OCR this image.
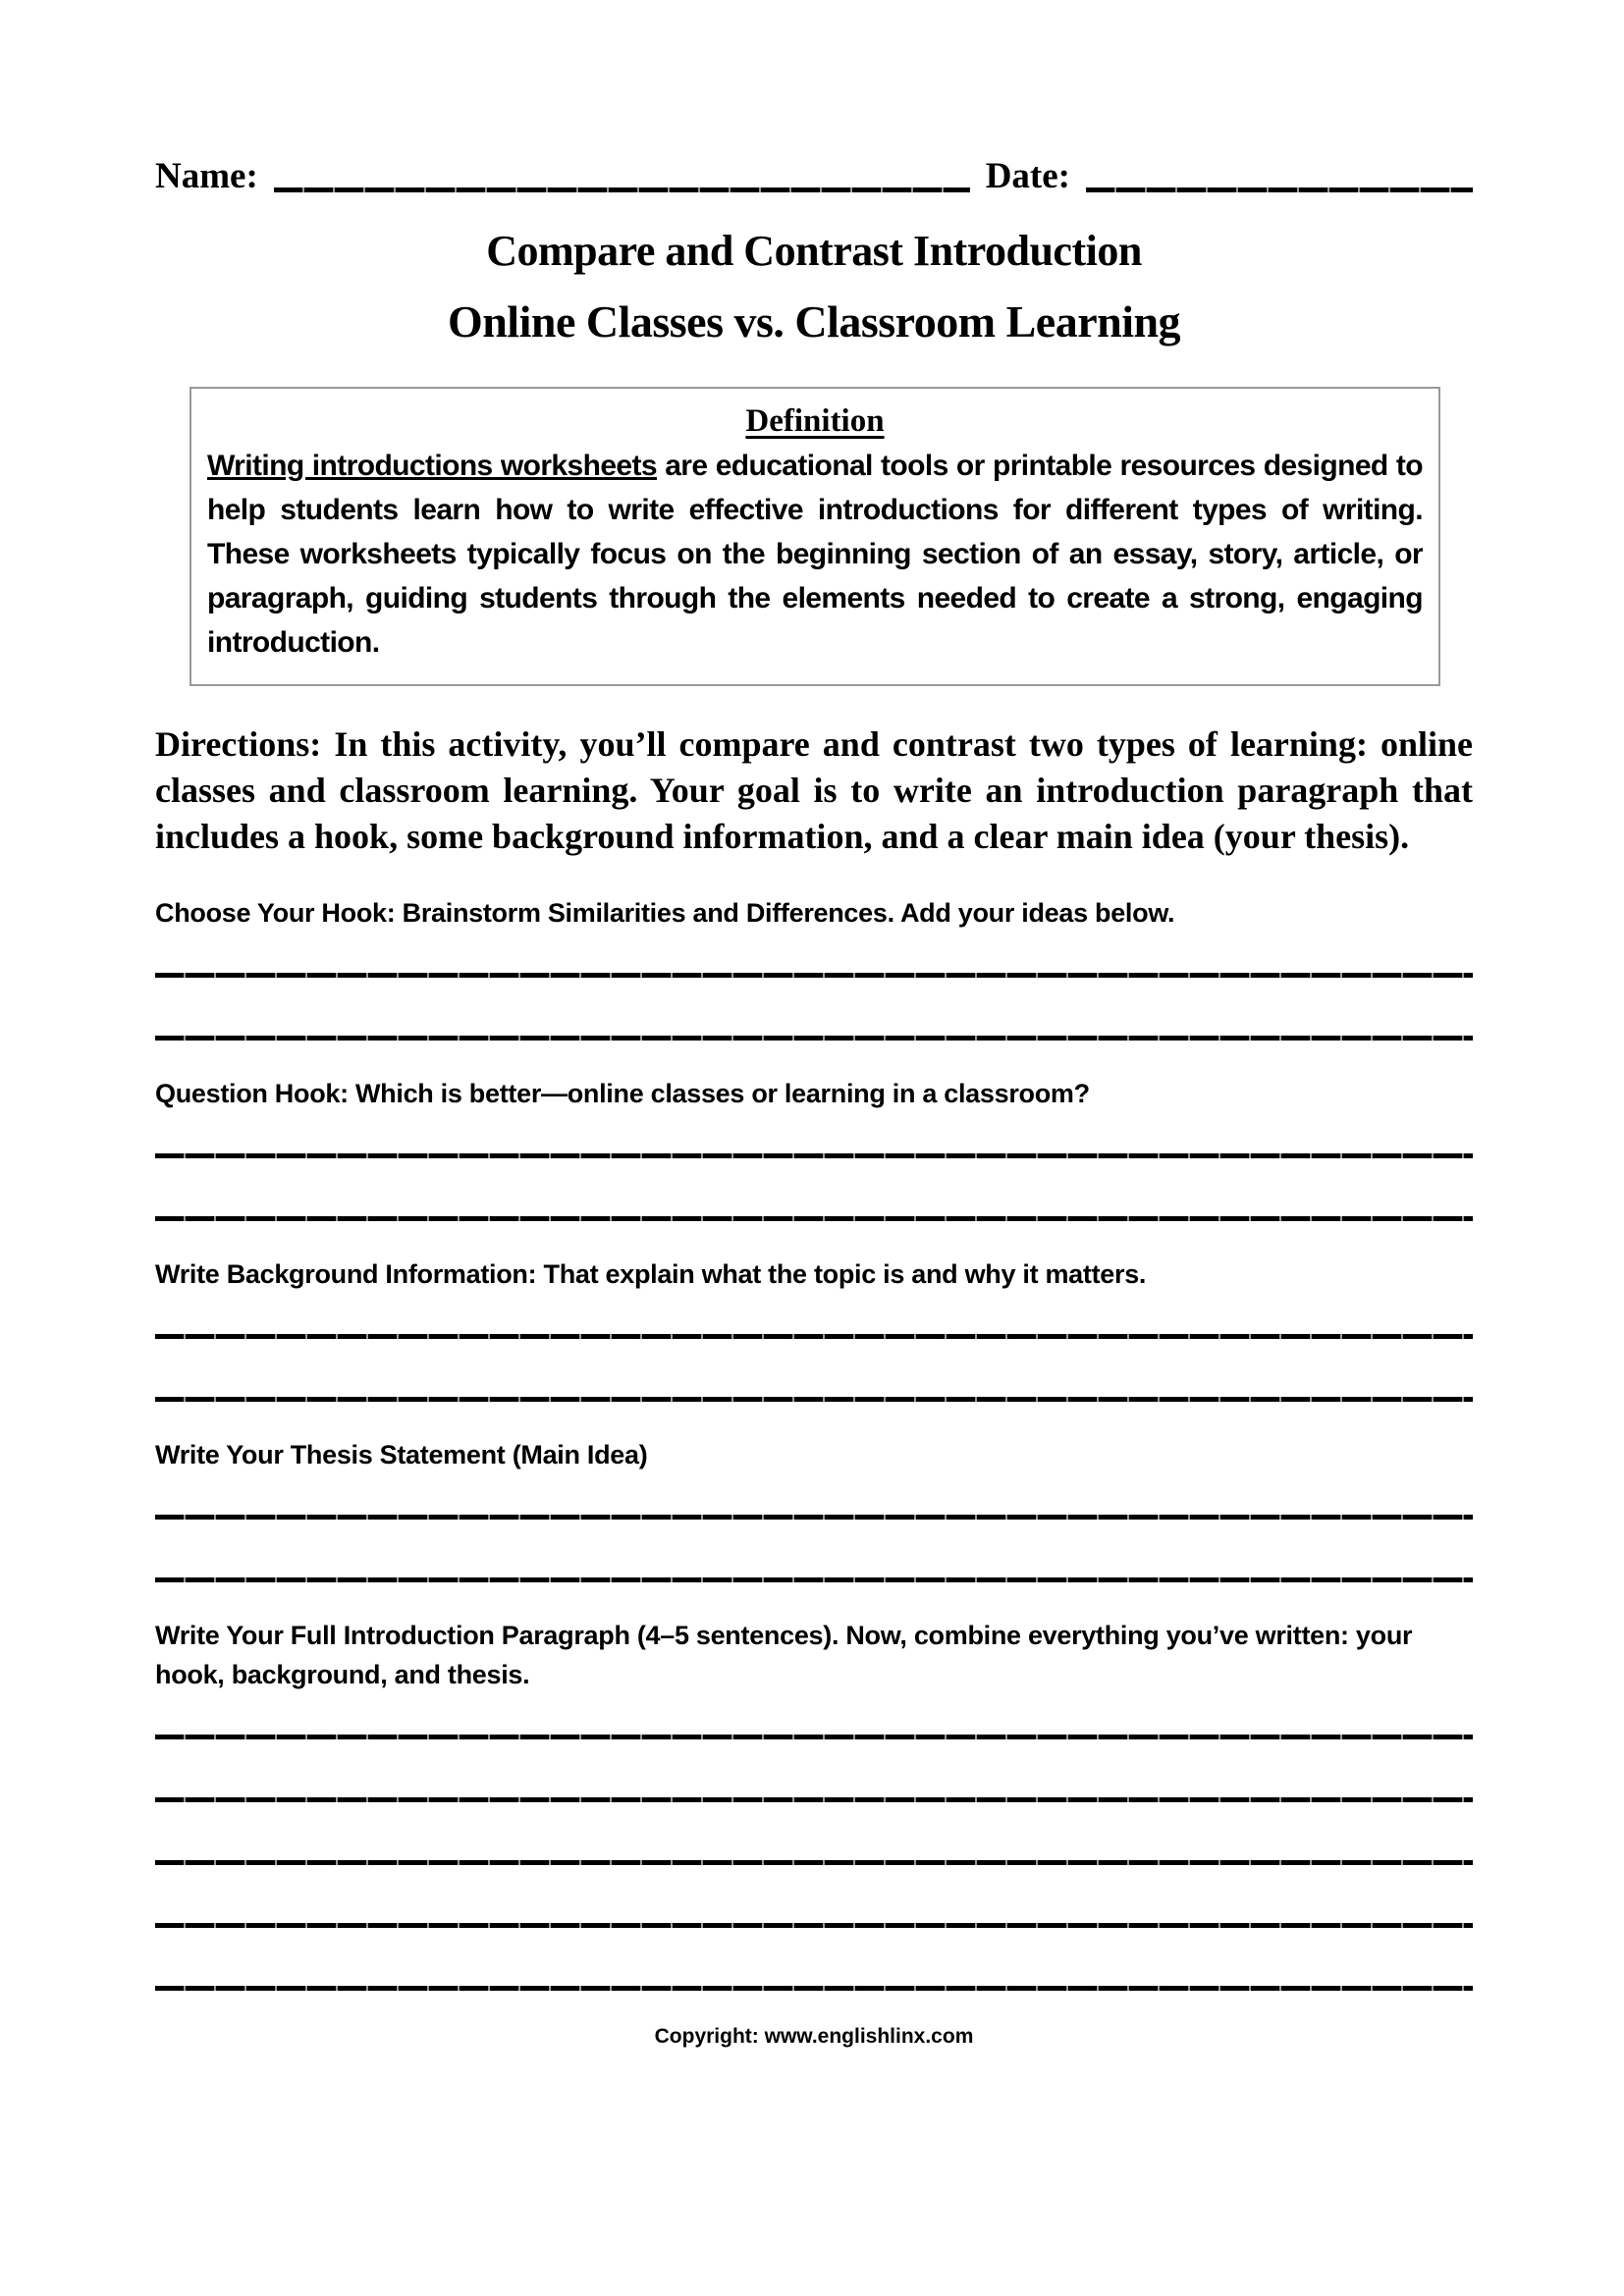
Name:	Date:
Compare and Contrast Introduction
Online Classes vs. Classroom Learning
Definition

Writing introductions worksheets are educational tools or printable resources designed to help students learn how to write effective introductions for different types of writing. These worksheets typically focus on the beginning section of an essay, story, article, or paragraph, guiding students through the elements needed to create a strong, engaging introduction.

Directions: In this activity, you’ll compare and contrast two types of learning: online classes and classroom learning. Your goal is to write an introduction paragraph that includes a hook, some background information, and a clear main idea (your thesis).

Choose Your Hook: Brainstorm Similarities and Differences. Add your ideas below.
Question Hook: Which is better—online classes or learning in a classroom?
Write Background Information: That explain what the topic is and why it matters.
Write Your Thesis Statement (Main Idea)
Write Your Full Introduction Paragraph (4–5 sentences). Now, combine everything you’ve written: your hook, background, and thesis.
Copyright: www.englishlinx.com
